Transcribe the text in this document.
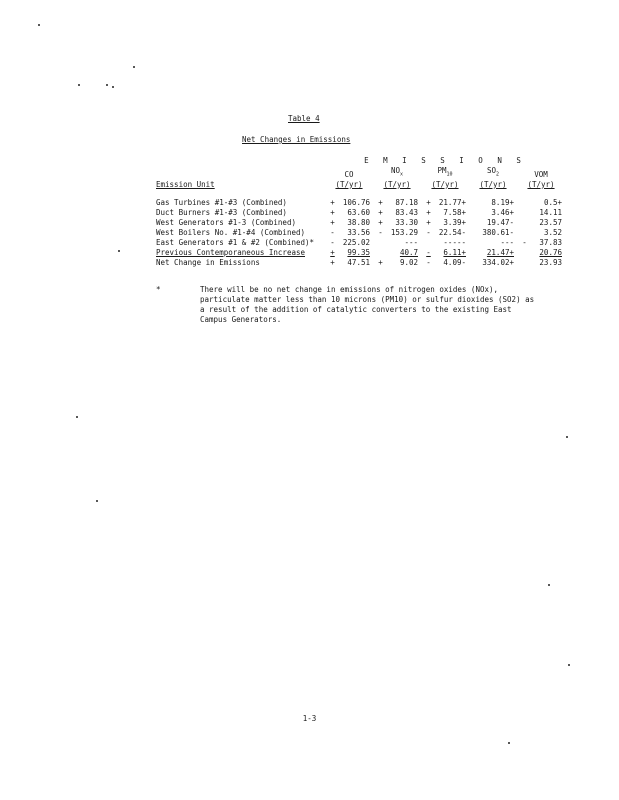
Table 4
Net Changes in Emissions
	E M I S S I O N S													
	CO			$NO_x$			$PM_{10}$			$SO_2$			VOM	
Emission Unit	(T/yr)			(T/yr)			(T/yr)			(T/yr)			(T/yr)	

Gas Turbines #1-#3 (Combined)	+	106.76		+	87.18		+	21.77+			8.19+			0.5+
Duct Burners #1-#3 (Combined)	+	63.60		+	83.43		+	7.58+			3.46+			14.11
West Generators #1-3 (Combined)	+	38.80		+	33.30		+	3.39+			19.47-			23.57
West Boilers No. #1-#4 (Combined)	-	33.56		-	153.29		-	22.54-			380.61-			3.52
East Generators #1 & #2 (Combined)*	-	225.02			---			-----			---		-	37.83
Previous Contemporaneous Increase	+	99.35			40.7		-	6.11+			21.47+			20.76
Net Change in Emissions	+	47.51		+	9.02		-	4.09-			334.02+			23.93
*	There will be no net change in emissions of nitrogen oxides (NOx), particulate matter less than 10 microns (PM10) or sulfur dioxides (SO2) as a result of the addition of catalytic converters to the existing East Campus Generators.
1-3
